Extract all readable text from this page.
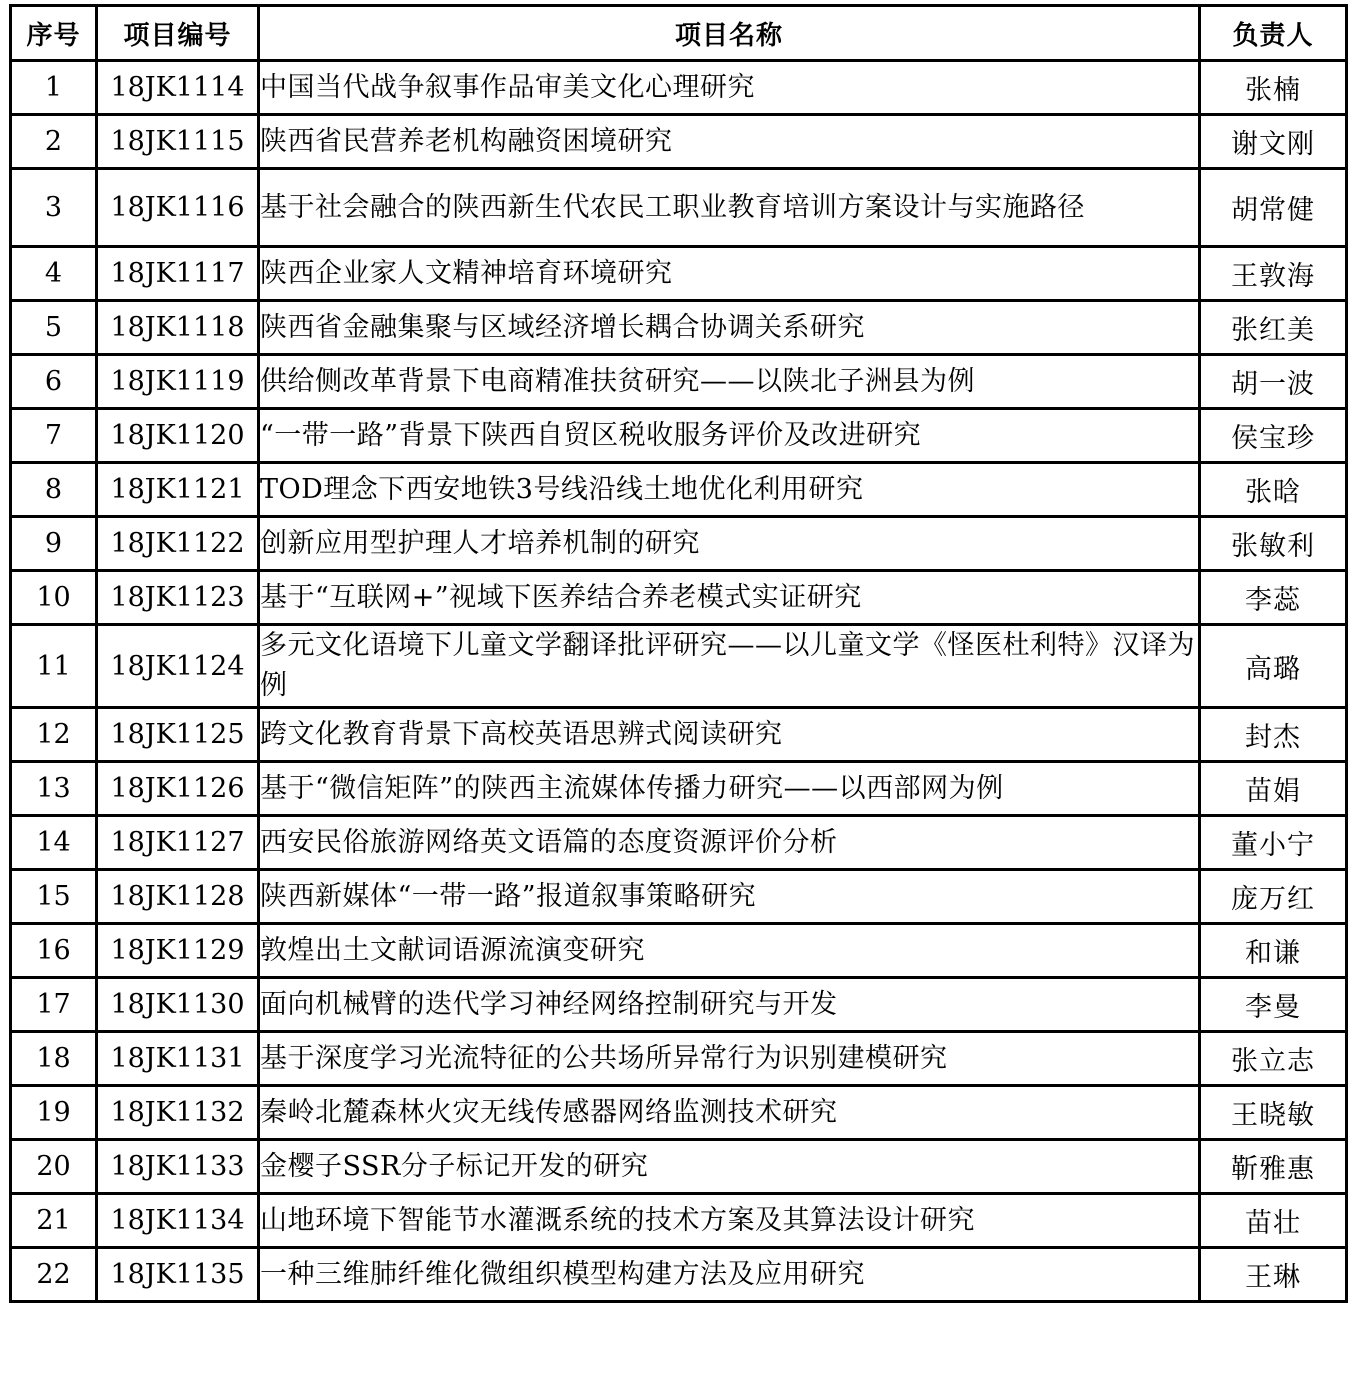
序号	项目编号	项目名称	负责人
1	18JK1114	中国当代战争叙事作品审美文化心理研究	张楠
2	18JK1115	陕西省民营养老机构融资困境研究	谢文刚
3	18JK1116	基于社会融合的陕西新生代农民工职业教育培训方案设计与实施路径	胡常健
4	18JK1117	陕西企业家人文精神培育环境研究	王敦海
5	18JK1118	陕西省金融集聚与区域经济增长耦合协调关系研究	张红美
6	18JK1119	供给侧改革背景下电商精准扶贫研究——以陕北子洲县为例	胡一波
7	18JK1120	“一带一路”背景下陕西自贸区税收服务评价及改进研究	侯宝珍
8	18JK1121	TOD理念下西安地铁3号线沿线土地优化利用研究	张晗
9	18JK1122	创新应用型护理人才培养机制的研究	张敏利
10	18JK1123	基于“互联网+”视域下医养结合养老模式实证研究	李蕊
11	18JK1124	多元文化语境下儿童文学翻译批评研究——以儿童文学《怪医杜利特》汉译为例	高璐
12	18JK1125	跨文化教育背景下高校英语思辨式阅读研究	封杰
13	18JK1126	基于“微信矩阵”的陕西主流媒体传播力研究——以西部网为例	苗娟
14	18JK1127	西安民俗旅游网络英文语篇的态度资源评价分析	董小宁
15	18JK1128	陕西新媒体“一带一路”报道叙事策略研究	庞万红
16	18JK1129	敦煌出土文献词语源流演变研究	和谦
17	18JK1130	面向机械臂的迭代学习神经网络控制研究与开发	李曼
18	18JK1131	基于深度学习光流特征的公共场所异常行为识别建模研究	张立志
19	18JK1132	秦岭北麓森林火灾无线传感器网络监测技术研究	王晓敏
20	18JK1133	金樱子SSR分子标记开发的研究	靳雅惠
21	18JK1134	山地环境下智能节水灌溉系统的技术方案及其算法设计研究	苗壮
22	18JK1135	一种三维肺纤维化微组织模型构建方法及应用研究	王琳
